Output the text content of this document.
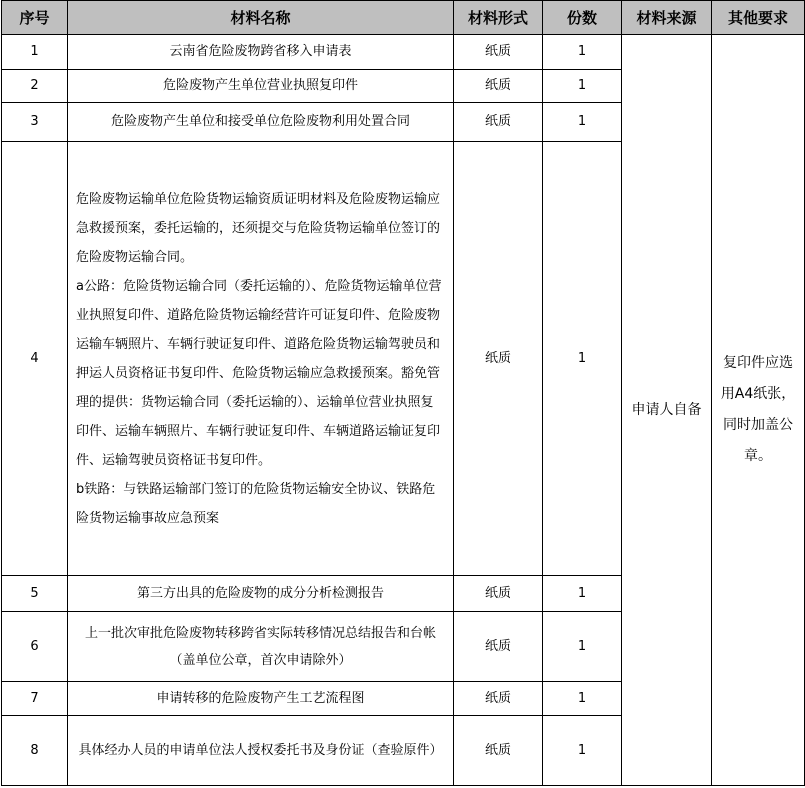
序号	材料名称	材料形式	份数	材料来源	其他要求
1	云南省危险废物跨省移入申请表	纸质	1	申请人自备	复印件应选用A4纸张，同时加盖公章。
2	危险废物产生单位营业执照复印件	纸质	1		
3	危险废物产生单位和接受单位危险废物利用处置合同	纸质	1		
4	危险废物运输单位危险货物运输资质证明材料及危险废物运输应急救援预案，委托运输的，还须提交与危险货物运输单位签订的危险废物运输合同。
a公路：危险货物运输合同（委托运输的）、危险货物运输单位营业执照复印件、道路危险货物运输经营许可证复印件、危险废物运输车辆照片、车辆行驶证复印件、道路危险货物运输驾驶员和押运人员资格证书复印件、危险货物运输应急救援预案。豁免管理的提供：货物运输合同（委托运输的）、运输单位营业执照复印件、运输车辆照片、车辆行驶证复印件、车辆道路运输证复印件、运输驾驶员资格证书复印件。
b铁路：与铁路运输部门签订的危险货物运输安全协议、铁路危险货物运输事故应急预案	纸质	1		
5	第三方出具的危险废物的成分分析检测报告	纸质	1		
6	上一批次审批危险废物转移跨省实际转移情况总结报告和台帐（盖单位公章，首次申请除外）	纸质	1		
7	申请转移的危险废物产生工艺流程图	纸质	1		
8	具体经办人员的申请单位法人授权委托书及身份证（查验原件）	纸质	1		
